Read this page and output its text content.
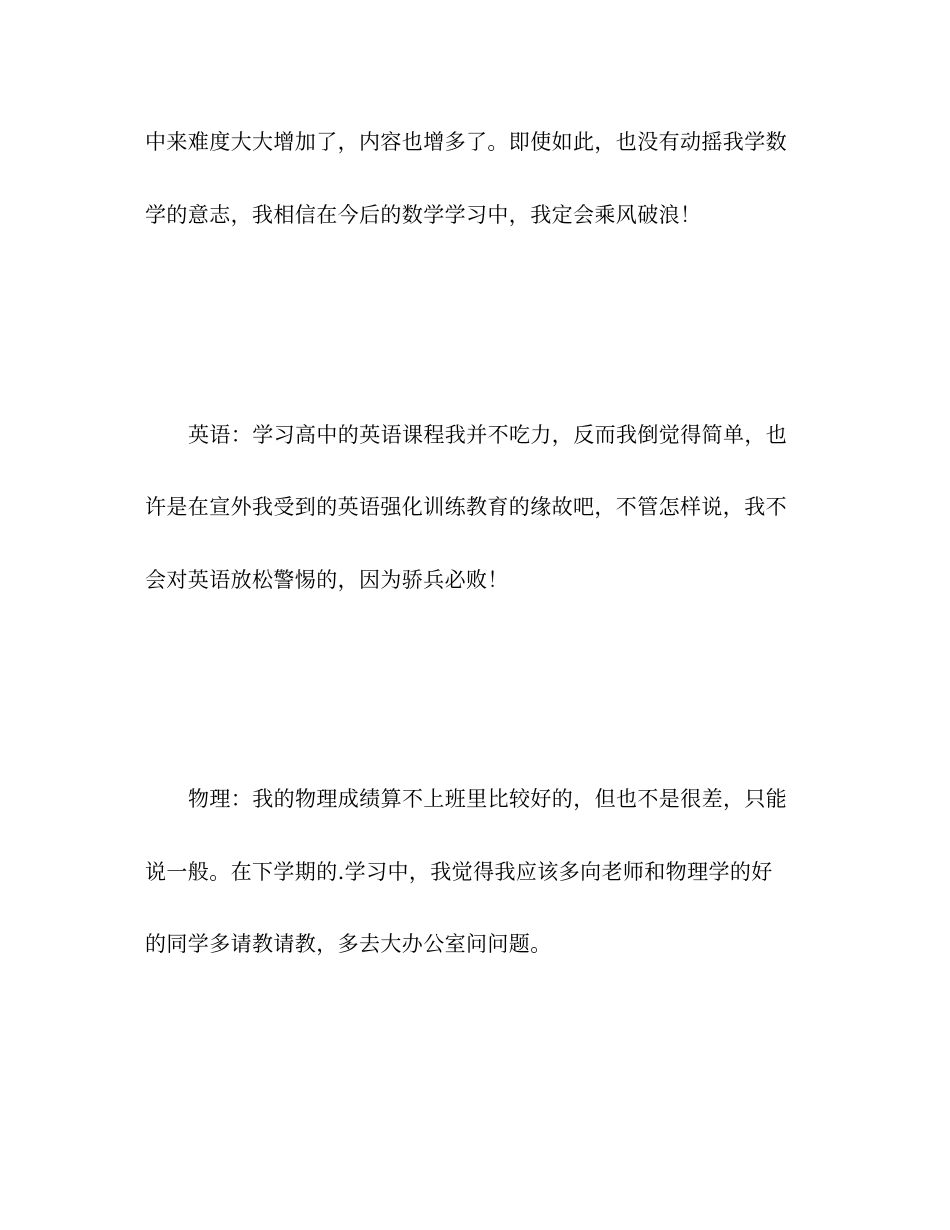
中来难度大大增加了，内容也增多了。即使如此，也没有动摇我学数
学的意志，我相信在今后的数学学习中，我定会乘风破浪！
英语：学习高中的英语课程我并不吃力，反而我倒觉得简单，也
许是在宣外我受到的英语强化训练教育的缘故吧，不管怎样说，我不
会对英语放松警惕的，因为骄兵必败！
物理：我的物理成绩算不上班里比较好的，但也不是很差，只能
说一般。在下学期的.学习中，我觉得我应该多向老师和物理学的好
的同学多请教请教，多去大办公室问问题。
